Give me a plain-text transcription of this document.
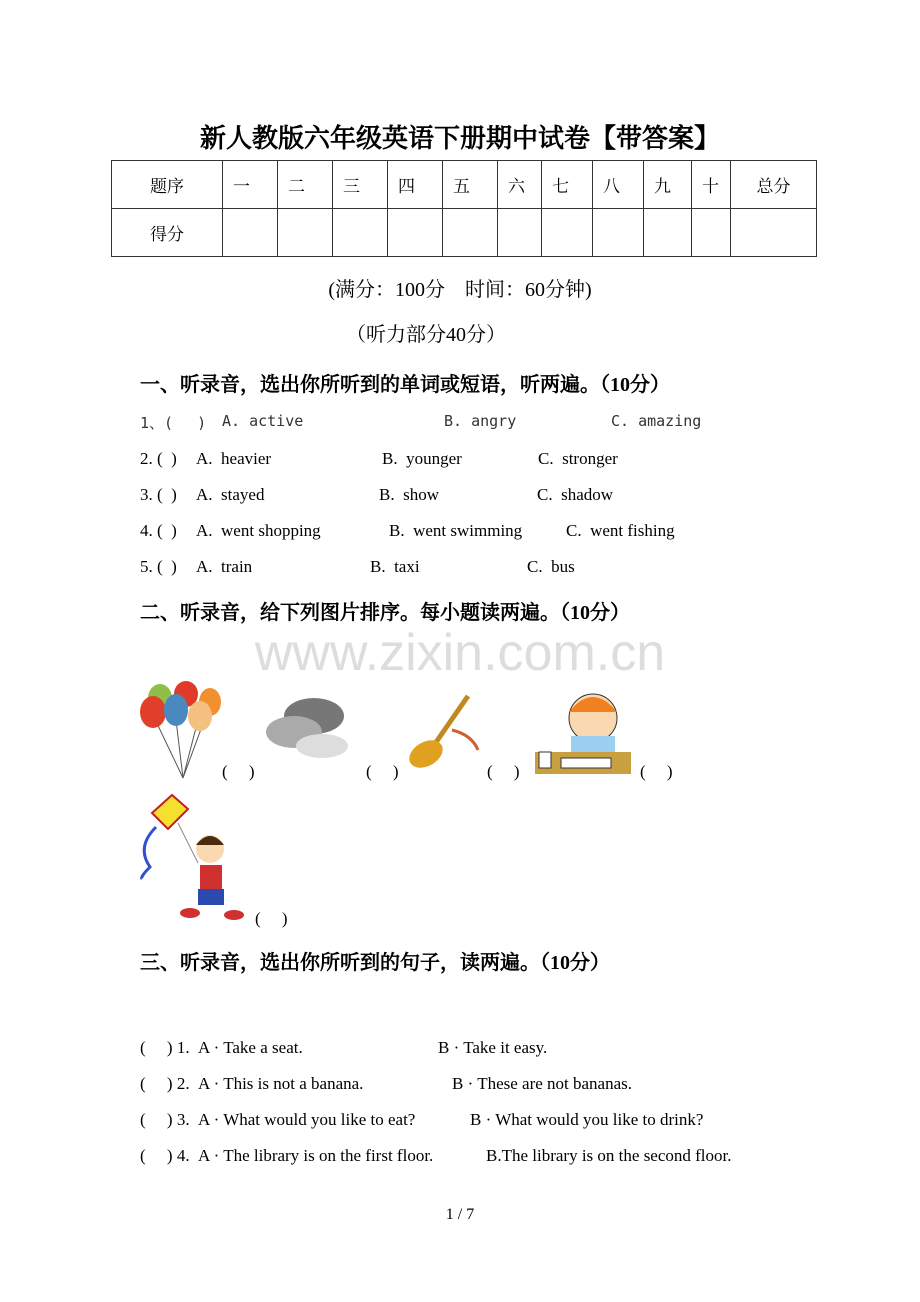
新人教版六年级英语下册期中试卷【带答案】
题序	一	二	三	四	五	六	七	八	九	十	总分
得分											
(满分：100分　时间：60分钟)
（听力部分40分）
一、听录音，选出你所听到的单词或短语，听两遍。（10分）
1、(　 ) A. active	B. angry	C. amazing
2. (  ) A.  heavier	B.  younger	C.  stronger
3. (  ) A.  stayed	B.  show	C.  shadow
4. (  ) A.  went shopping	B.  went swimming	C.  went fishing
5. (  ) A.  train	B.  taxi	C.  bus
二、听录音，给下列图片排序。每小题读两遍。（10分）
www.zixin.com.cn
(     )	(     )	(     )	(     )
(     )
三、听录音，选出你所听到的句子，读两遍。（10分）
(     ) 1. A · Take a seat.	B · Take it easy.
(     ) 2. A · This is not a banana.	B · These are not bananas.
(     ) 3. A · What would you like to eat?	B · What would you like to drink?
(     ) 4. A · The library is on the first floor.	B.The library is on the second floor.
1 / 7
